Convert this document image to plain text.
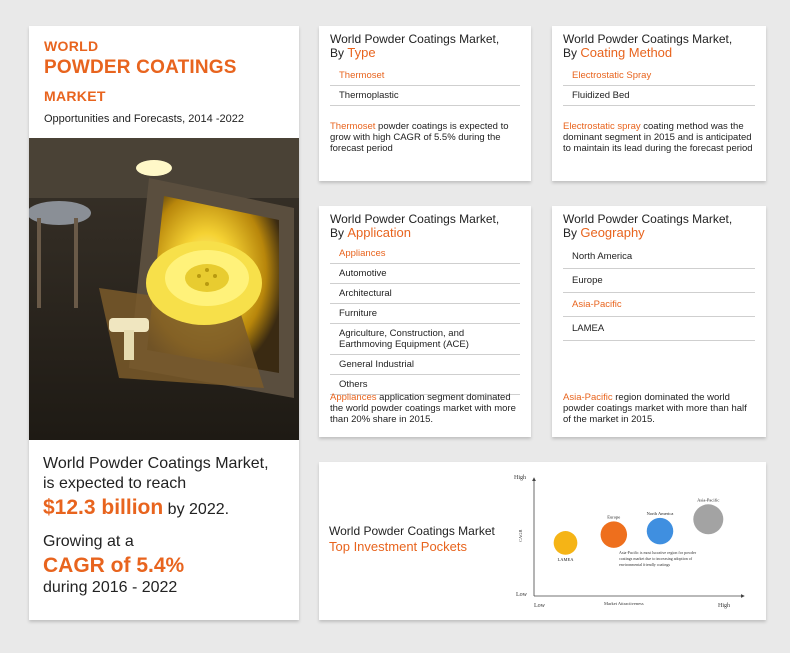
WORLD
POWDER COATINGS
MARKET
Opportunities and Forecasts, 2014 -2022
World Powder Coatings Market,
is expected to reach
$12.3 billion by 2022.
Growing at a
CAGR of 5.4%
during 2016 - 2022
World Powder Coatings Market,
By Type
Thermoset
Thermoplastic
Thermoset powder coatings is expected to grow with high CAGR of 5.5% during the forecast period
World Powder Coatings Market,
By Coating Method
Electrostatic Spray
Fluidized Bed
Electrostatic spray coating method was the dominant segment in 2015 and is anticipated to maintain its lead during the forecast period
World Powder Coatings Market,
By Application
Appliances
Automotive
Architectural
Furniture
Agriculture, Construction, and
Earthmoving Equipment (ACE)
General Industrial
Others
Appliances application segment dominated the world powder coatings market with more than 20% share in 2015.
World Powder Coatings Market,
By Geography
North America
Europe
Asia-Pacific
LAMEA
Asia-Pacific region dominated the world powder coatings market with more than half of the market in 2015.
World Powder Coatings Market
Top Investment Pockets
High
Low
Low	High
Market Attractiveness
CAGR
LAMEA
Europe
North America
Asia-Pacific
Asia-Pacific is most lucrative region for powder
coatings market due to increasing adoption of
environmental friendly coatings
